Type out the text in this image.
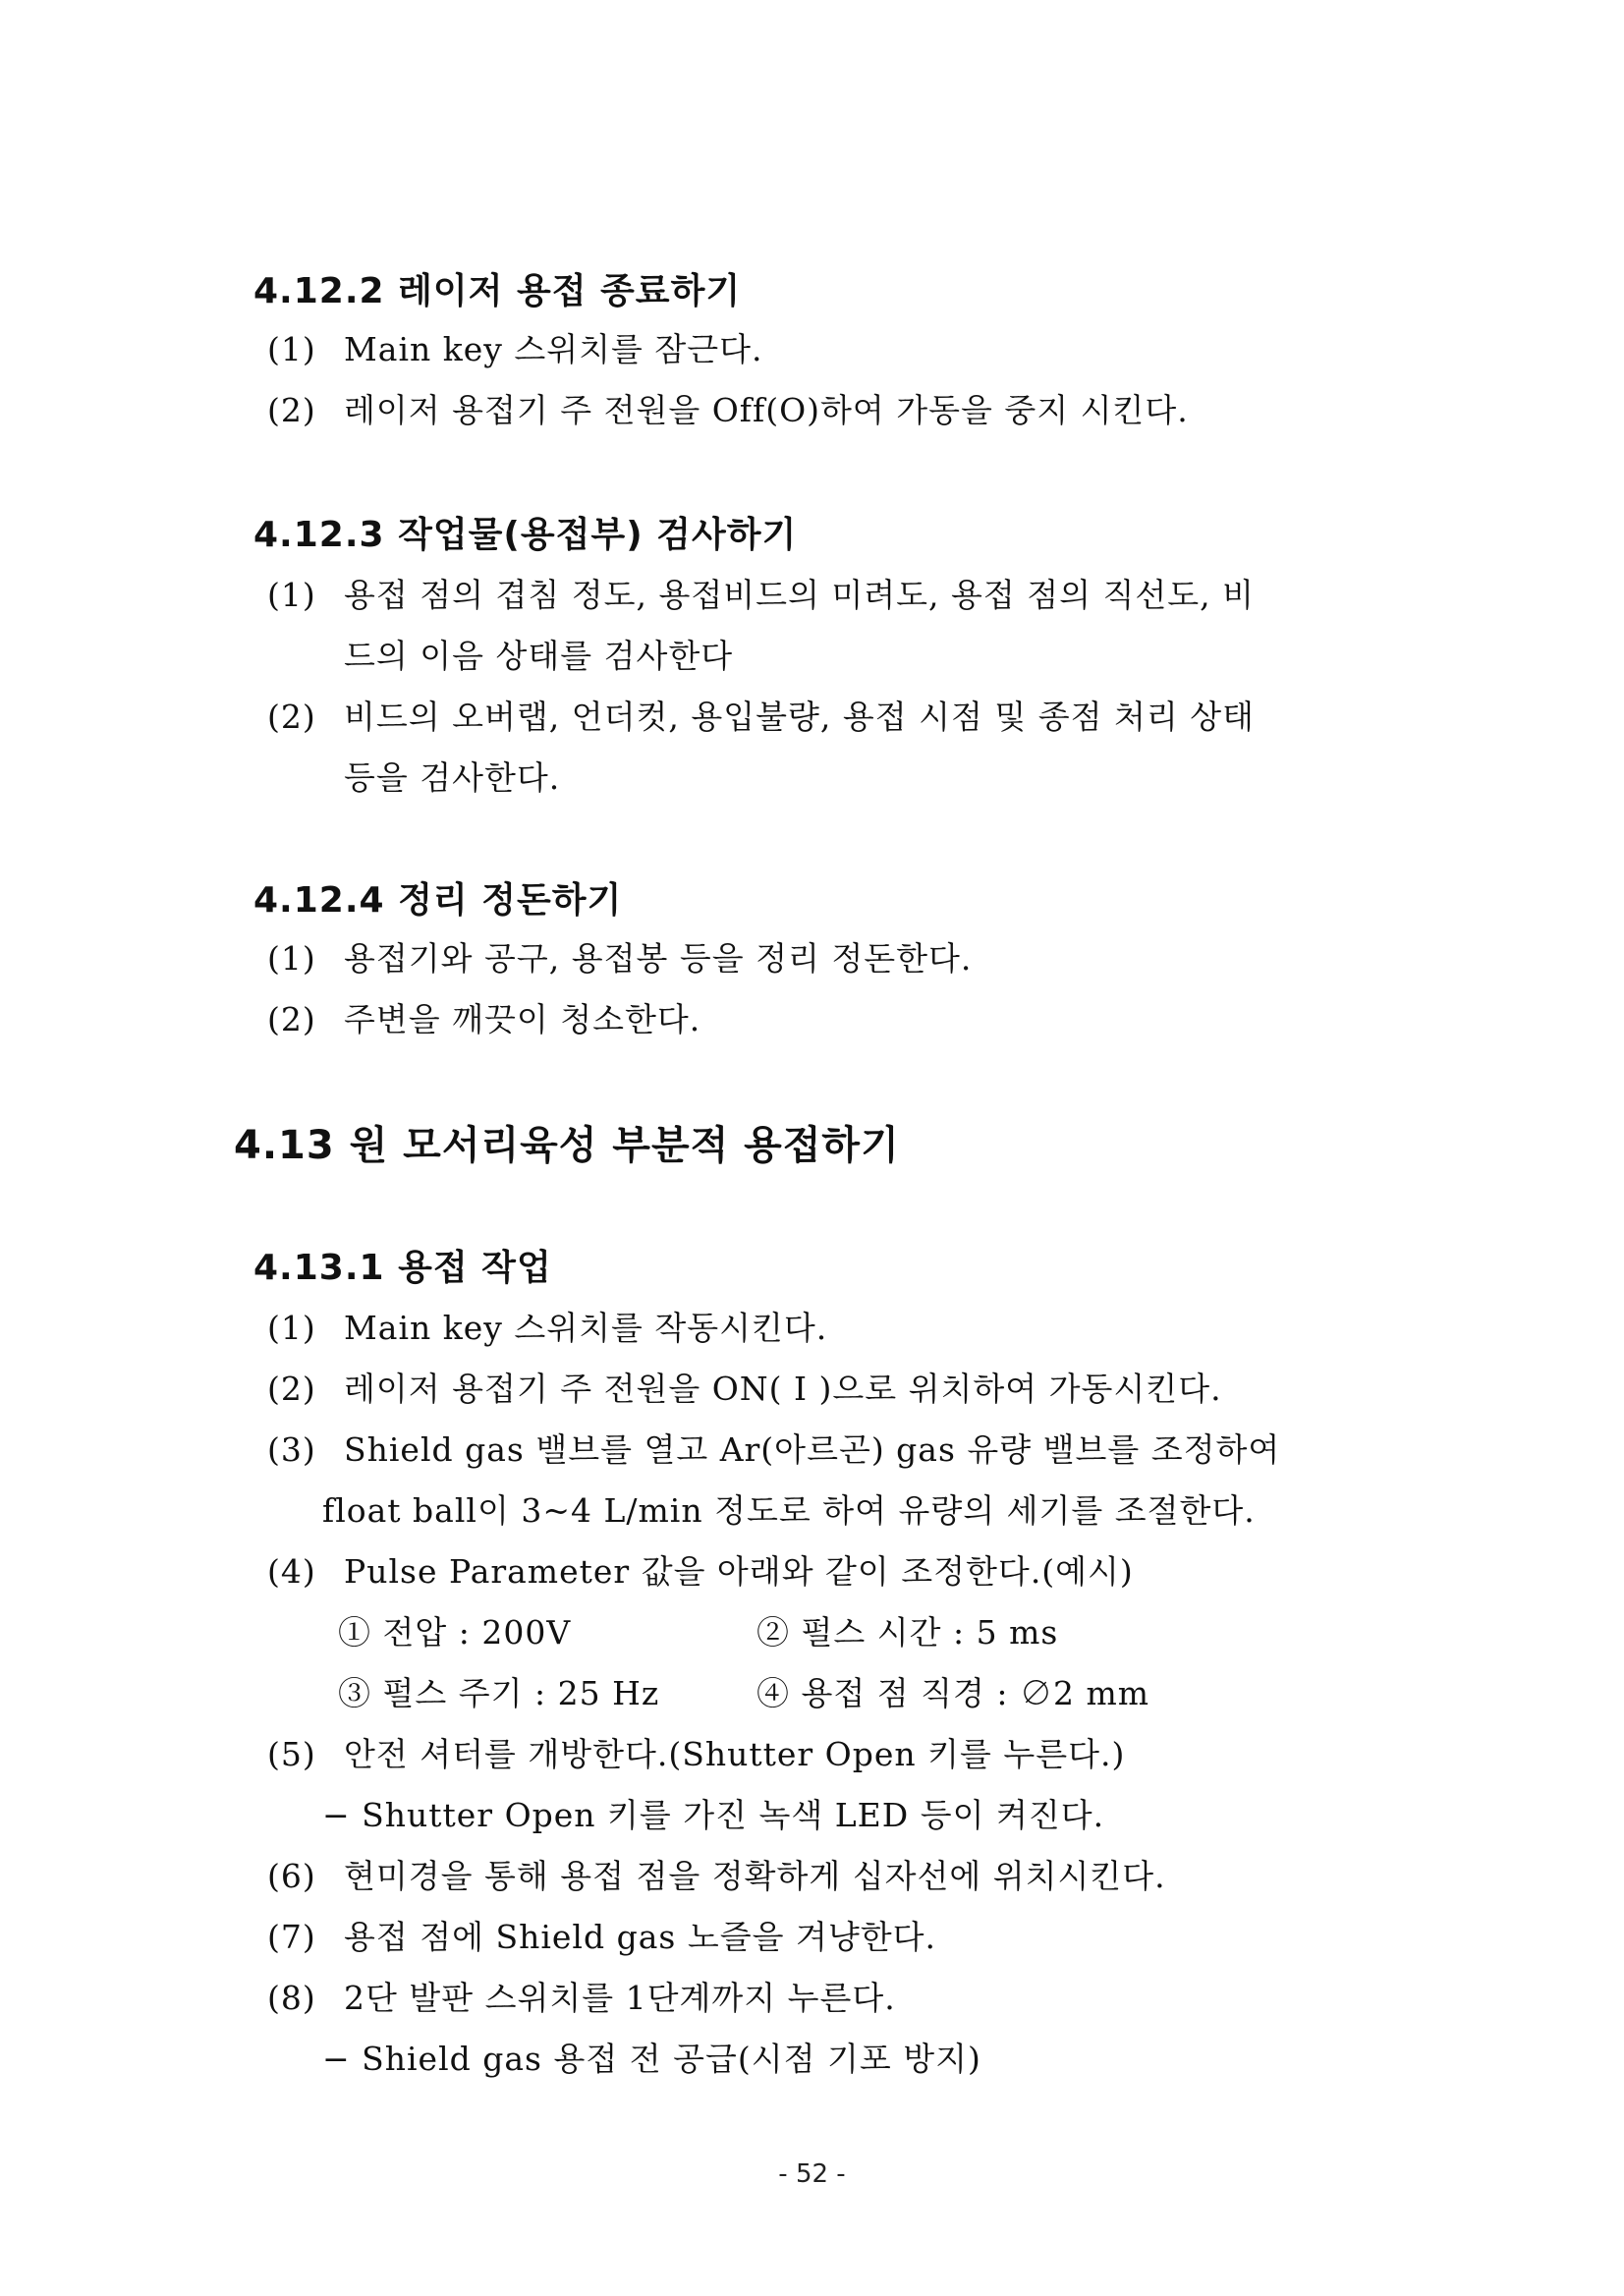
4.12.2 레이저 용접 종료하기
(1) Main key 스위치를 잠근다.
(2) 레이저 용접기 주 전원을 Off(O)하여 가동을 중지 시킨다.
4.12.3 작업물(용접부) 검사하기
(1) 용접 점의 겹침 정도, 용접비드의 미려도, 용접 점의 직선도, 비
드의 이음 상태를 검사한다
(2) 비드의 오버랩, 언더컷, 용입불량, 용접 시점 및 종점 처리 상태
등을 검사한다.
4.12.4 정리 정돈하기
(1) 용접기와 공구, 용접봉 등을 정리 정돈한다.
(2) 주변을 깨끗이 청소한다.
4.13 원 모서리육성 부분적 용접하기
4.13.1 용접 작업
(1) Main key 스위치를 작동시킨다.
(2) 레이저 용접기 주 전원을 ON( I )으로 위치하여 가동시킨다.
(3) Shield gas 밸브를 열고 Ar(아르곤) gas 유량 밸브를 조정하여
float ball이 3~4 L/min 정도로 하여 유량의 세기를 조절한다.
(4) Pulse Parameter 값을 아래와 같이 조정한다.(예시)
① 전압 : 200V	② 펄스 시간 : 5 ms
③ 펄스 주기 : 25 Hz	④ 용접 점 직경 : ∅2 mm
(5) 안전 셔터를 개방한다.(Shutter Open 키를 누른다.)
− Shutter Open 키를 가진 녹색 LED 등이 켜진다.
(6) 현미경을 통해 용접 점을 정확하게 십자선에 위치시킨다.
(7) 용접 점에 Shield gas 노즐을 겨냥한다.
(8) 2단 발판 스위치를 1단계까지 누른다.
− Shield gas 용접 전 공급(시점 기포 방지)
- 52 -
